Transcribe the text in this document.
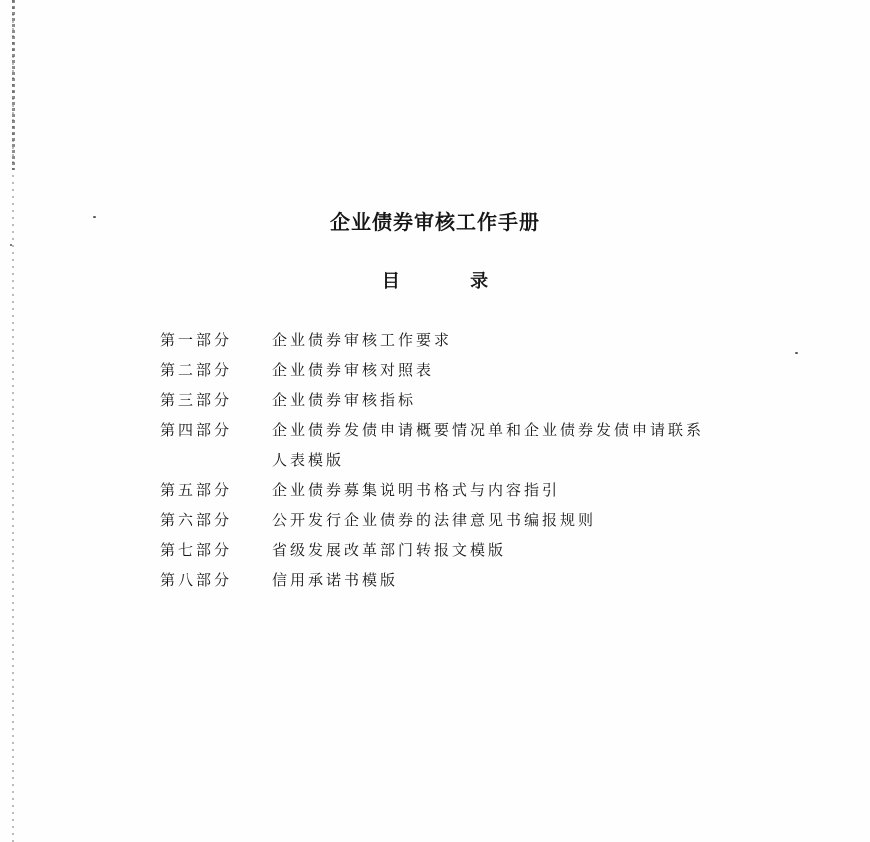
企业债券审核工作手册
目 录
第一部分	企业债券审核工作要求
第二部分	企业债券审核对照表
第三部分	企业债券审核指标
第四部分	企业债券发债申请概要情况单和企业债券发债申请联系人表模版
第五部分	企业债券募集说明书格式与内容指引
第六部分	公开发行企业债券的法律意见书编报规则
第七部分	省级发展改革部门转报文模版
第八部分	信用承诺书模版
